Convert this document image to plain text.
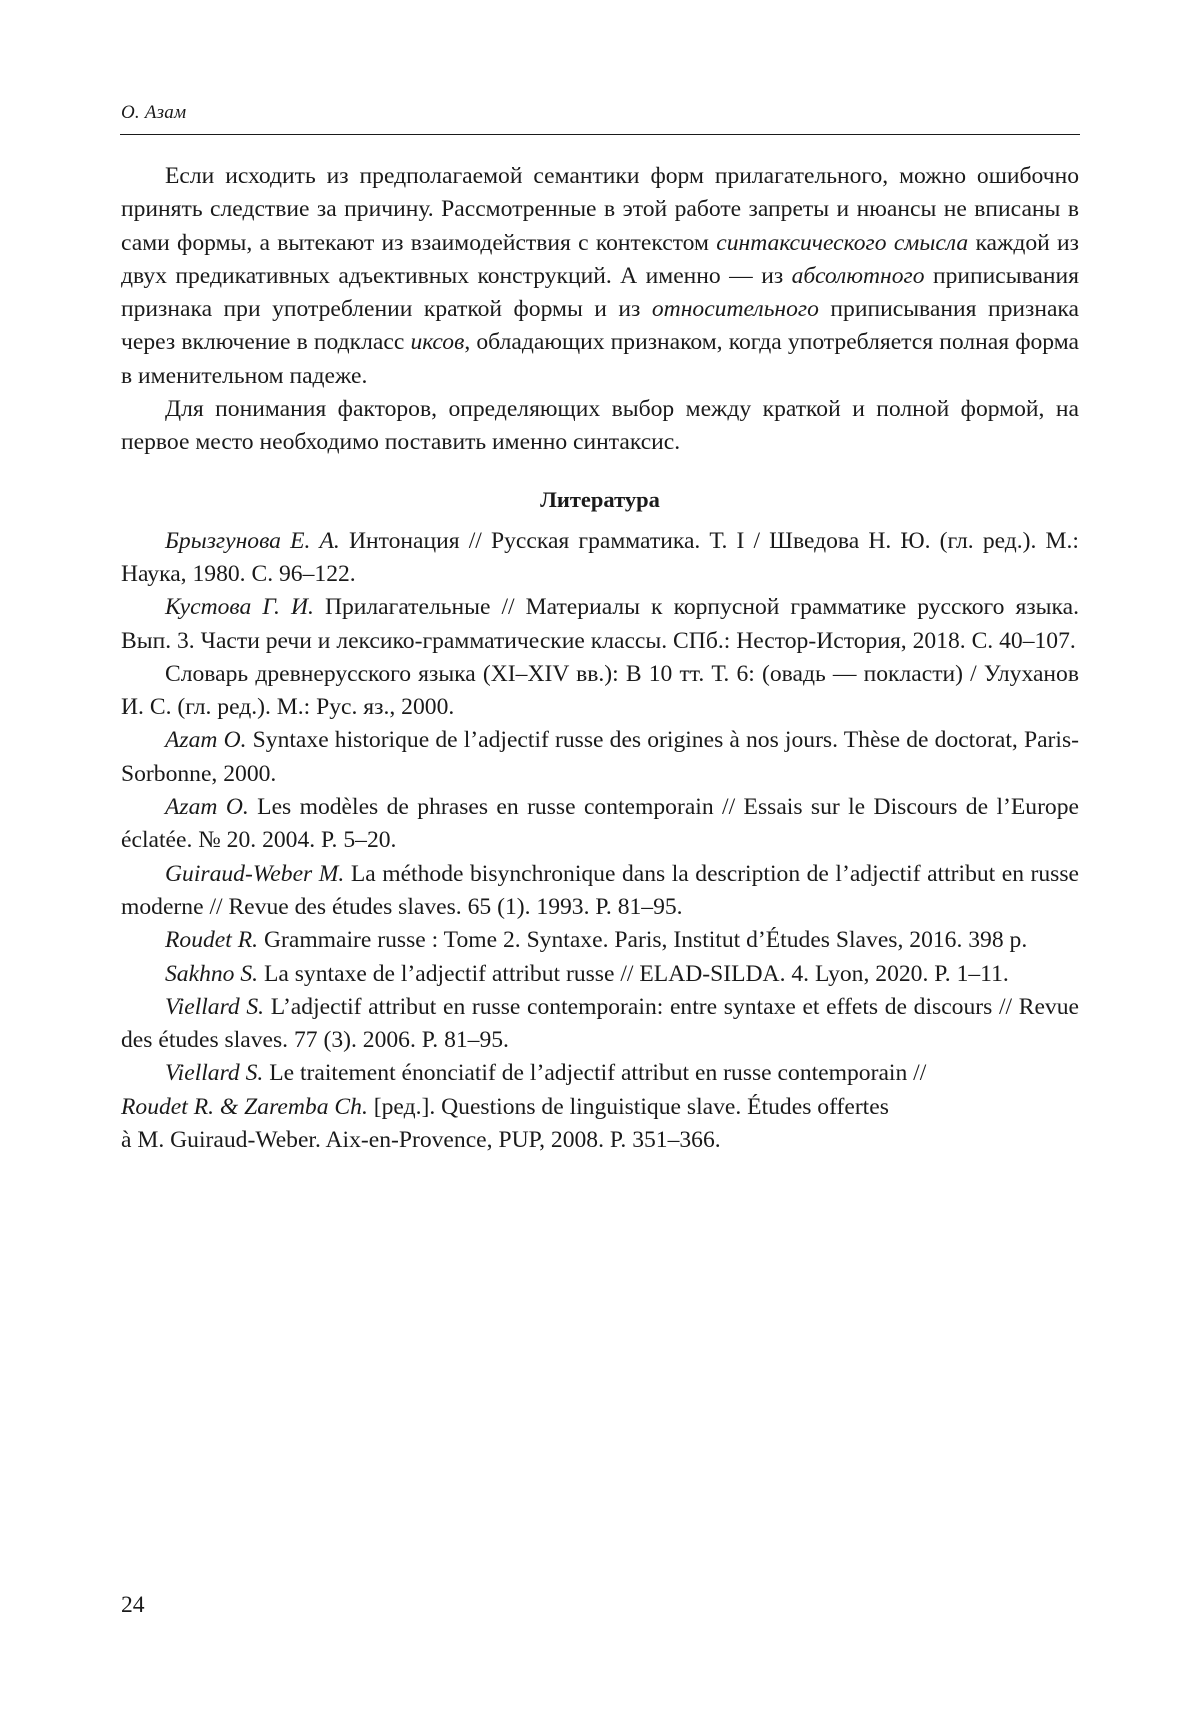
О. Азам

Если исходить из предполагаемой семантики форм прилагательного, можно ошибочно принять следствие за причину. Рассмотренные в этой работе запреты и нюансы не вписаны в сами формы, а вытекают из взаимодействия с контекстом синтаксического смысла каждой из двух предикативных адъективных конструкций. А именно — из абсолютного приписывания признака при употреблении краткой формы и из относительного приписывания признака через включение в подкласс иксов, обладающих признаком, когда употребляется полная форма в именительном падеже.

Для понимания факторов, определяющих выбор между краткой и полной формой, на первое место необходимо поставить именно синтаксис.

Литература

Брызгунова Е. А. Интонация // Русская грамматика. Т. I / Шведова Н. Ю. (гл. ред.). М.: Наука, 1980. С. 96–122.

Кустова Г. И. Прилагательные // Материалы к корпусной грамматике русского языка. Вып. 3. Части речи и лексико-грамматические классы. СПб.: Нестор-История, 2018. С. 40–107.

Словарь древнерусского языка (XI–XIV вв.): В 10 тт. Т. 6: (овадь — покласти) / Улуханов И. С. (гл. ред.). М.: Рус. яз., 2000.

Azam O. Syntaxe historique de l’adjectif russe des origines à nos jours. Thèse de doctorat, Paris-Sorbonne, 2000.

Azam O. Les modèles de phrases en russe contemporain // Essais sur le Discours de l’Europe éclatée. № 20. 2004. P. 5–20.

Guiraud-Weber M. La méthode bisynchronique dans la description de l’adjectif attribut en russe moderne // Revue des études slaves. 65 (1). 1993. P. 81–95.

Roudet R. Grammaire russe : Tome 2. Syntaxe. Paris, Institut d’Études Slaves, 2016. 398 p.

Sakhno S. La syntaxe de l’adjectif attribut russe // ELAD-SILDA. 4. Lyon, 2020. P. 1–11.

Viellard S. L’adjectif attribut en russe contemporain: entre syntaxe et effets de discours // Revue des études slaves. 77 (3). 2006. P. 81–95.

Viellard S. Le traitement énonciatif de l’adjectif attribut en russe contemporain //
Roudet R. & Zaremba Ch. [ред.]. Questions de linguistique slave. Études offertes
à M. Guiraud-Weber. Aix-en-Provence, PUP, 2008. P. 351–366.

24
